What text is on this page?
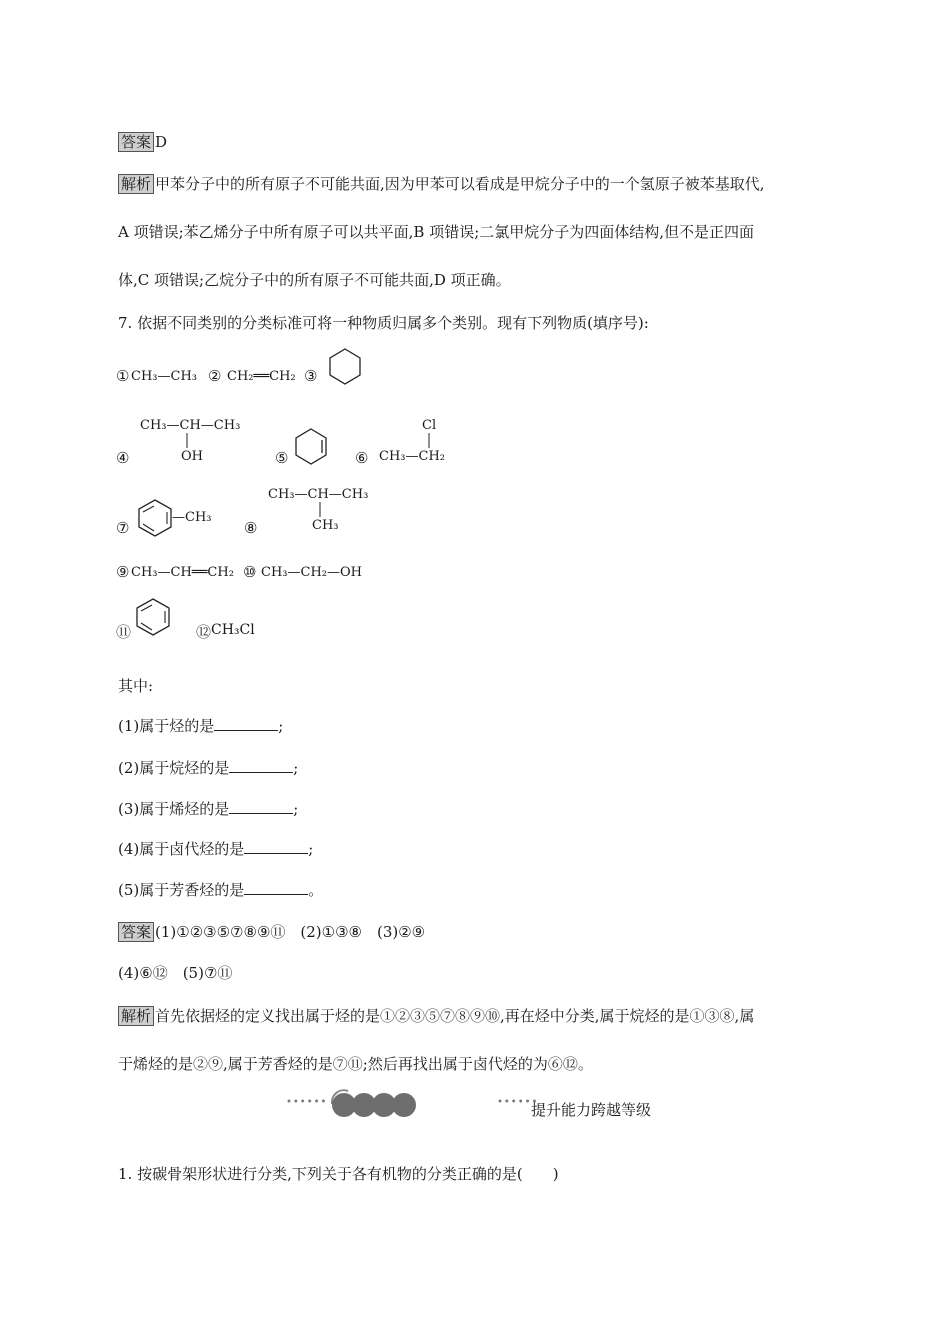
答案 D
解析 甲苯分子中的所有原子不可能共面,因为甲苯可以看成是甲烷分子中的一个氢原子被苯基取代,
A 项错误;苯乙烯分子中所有原子可以共平面,B 项错误;二氯甲烷分子为四面体结构,但不是正四面
体,C 项错误;乙烷分子中的所有原子不可能共面,D 项正确。
7. 依据不同类别的分类标准可将一种物质归属多个类别。现有下列物质(填序号):
① CH₃—CH₃ ② CH₂══CH₂ ③
④
CH₃—CH—CH₃
OH	⑤	⑥
Cl
CH₃—CH₂
⑦
—CH₃
⑧
CH₃—CH—CH₃
CH₃
⑨ CH₃—CH══CH₂ ⑩ CH₃—CH₂—OH
⑪	⑫ CH₃Cl
其中:
(1)属于烃的是	;
(2)属于烷烃的是	;
(3)属于烯烃的是	;
(4)属于卤代烃的是	;
(5)属于芳香烃的是	。
答案 (1)①②③⑤⑦⑧⑨⑪　(2)①③⑧　(3)②⑨
(4)⑥⑫　(5)⑦⑪
解析 首先依据烃的定义找出属于烃的是①②③⑤⑦⑧⑨⑩,再在烃中分类,属于烷烃的是①③⑧,属
于烯烃的是②⑨,属于芳香烃的是⑦⑪;然后再找出属于卤代烃的为⑥⑫。
••••••	••••••
提升能力跨越等级
1. 按碳骨架形状进行分类,下列关于各有机物的分类正确的是(　　)
